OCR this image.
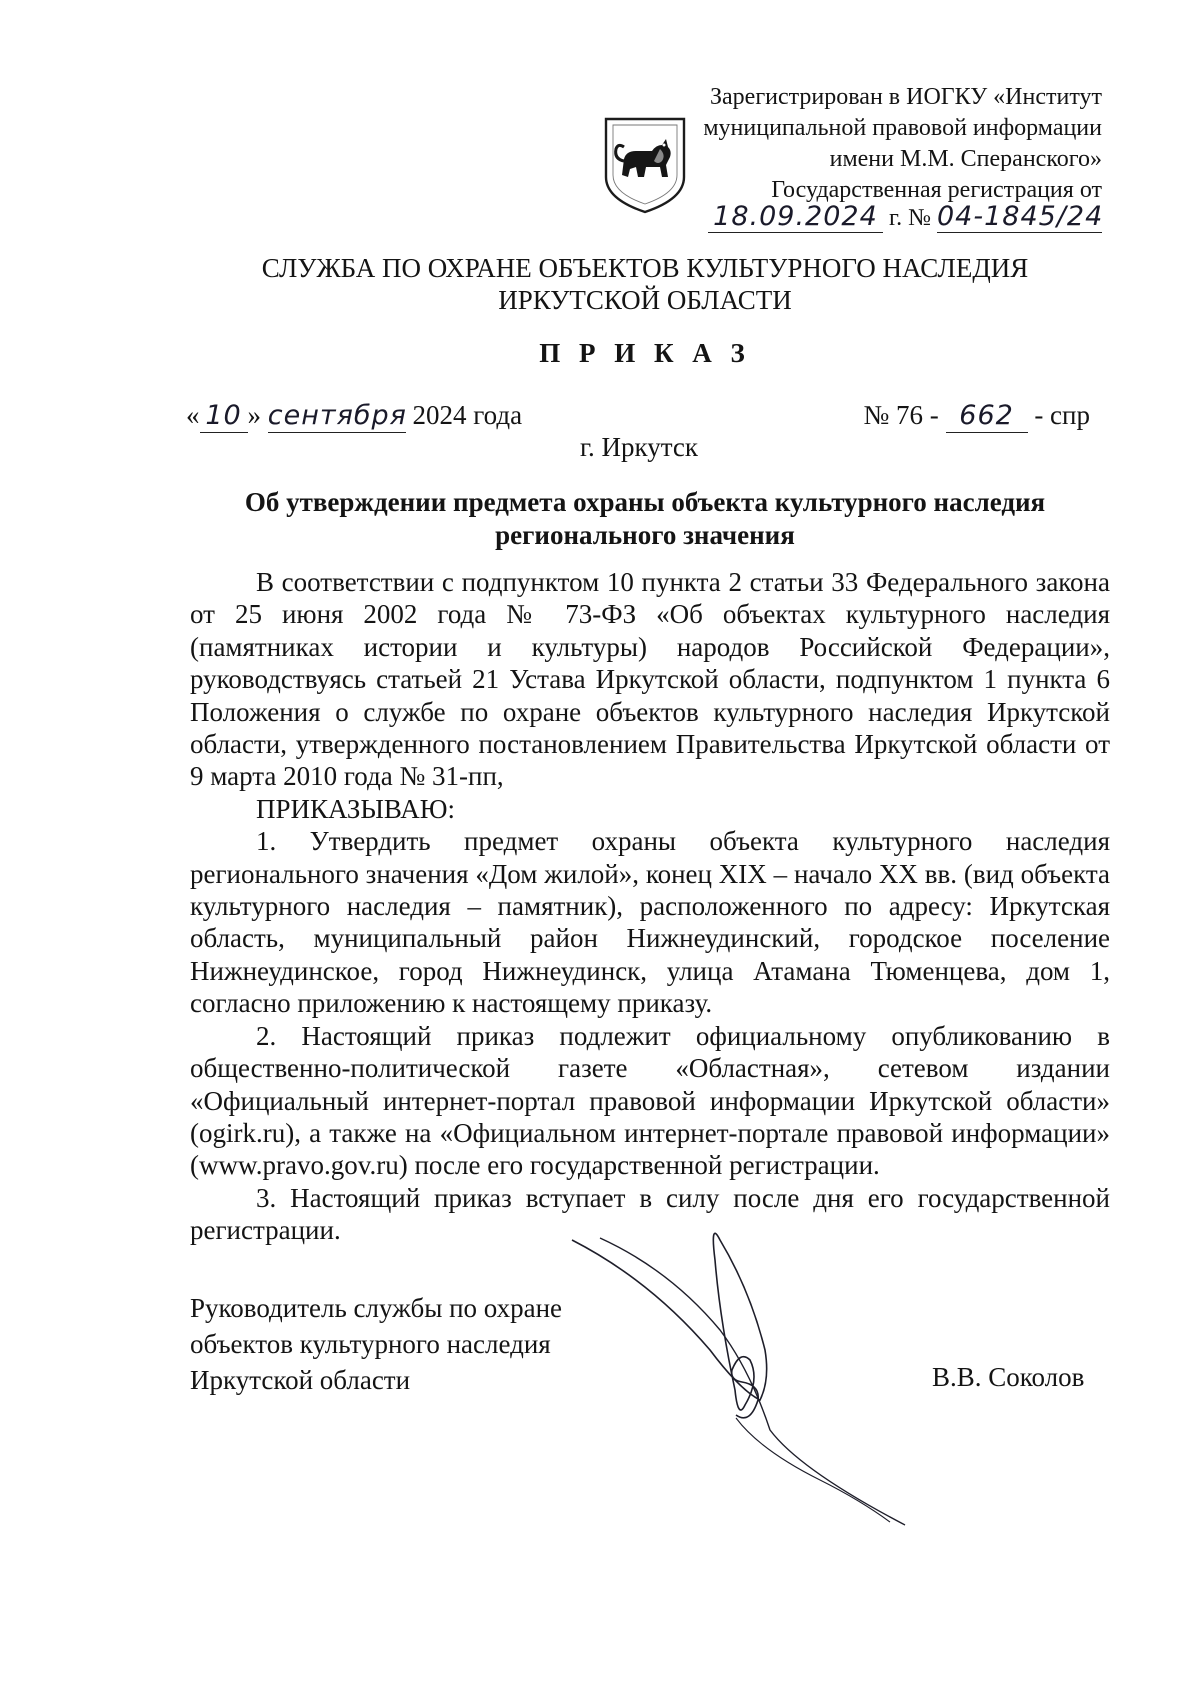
Зарегистрирован в ИОГКУ «Институт
муниципальной правовой информации
имени М.М. Сперанского»
Государственная регистрация от
18.09.2024 г. № 04-1845/24
СЛУЖБА ПО ОХРАНЕ ОБЪЕКТОВ КУЛЬТУРНОГО НАСЛЕДИЯ
ИРКУТСКОЙ ОБЛАСТИ
П Р И К А З
« 10 » сентября 2024 года	№ 76 - 662 - спр
г. Иркутск
Об утверждении предмета охраны объекта культурного наследия
регионального значения

В соответствии с подпунктом 10 пункта 2 статьи 33 Федерального закона от 25 июня 2002 года № 73-ФЗ «Об объектах культурного наследия (памятниках истории и культуры) народов Российской Федерации», руководствуясь статьей 21 Устава Иркутской области, подпунктом 1 пункта 6 Положения о службе по охране объектов культурного наследия Иркутской области, утвержденного постановлением Правительства Иркутской области от 9 марта 2010 года № 31-пп,

ПРИКАЗЫВАЮ:

1. Утвердить предмет охраны объекта культурного наследия регионального значения «Дом жилой», конец XIX – начало XX вв. (вид объекта культурного наследия – памятник), расположенного по адресу: Иркутская область, муниципальный район Нижнеудинский, городское поселение Нижнеудинское, город Нижнеудинск, улица Атамана Тюменцева, дом 1, согласно приложению к настоящему приказу.

2. Настоящий приказ подлежит официальному опубликованию в общественно-политической газете «Областная», сетевом издании «Официальный интернет-портал правовой информации Иркутской области» (ogirk.ru), а также на «Официальном интернет-портале правовой информации» (www.pravo.gov.ru) после его государственной регистрации.

3. Настоящий приказ вступает в силу после дня его государственной регистрации.

Руководитель службы по охране
объектов культурного наследия
Иркутской области	В.В. Соколов
